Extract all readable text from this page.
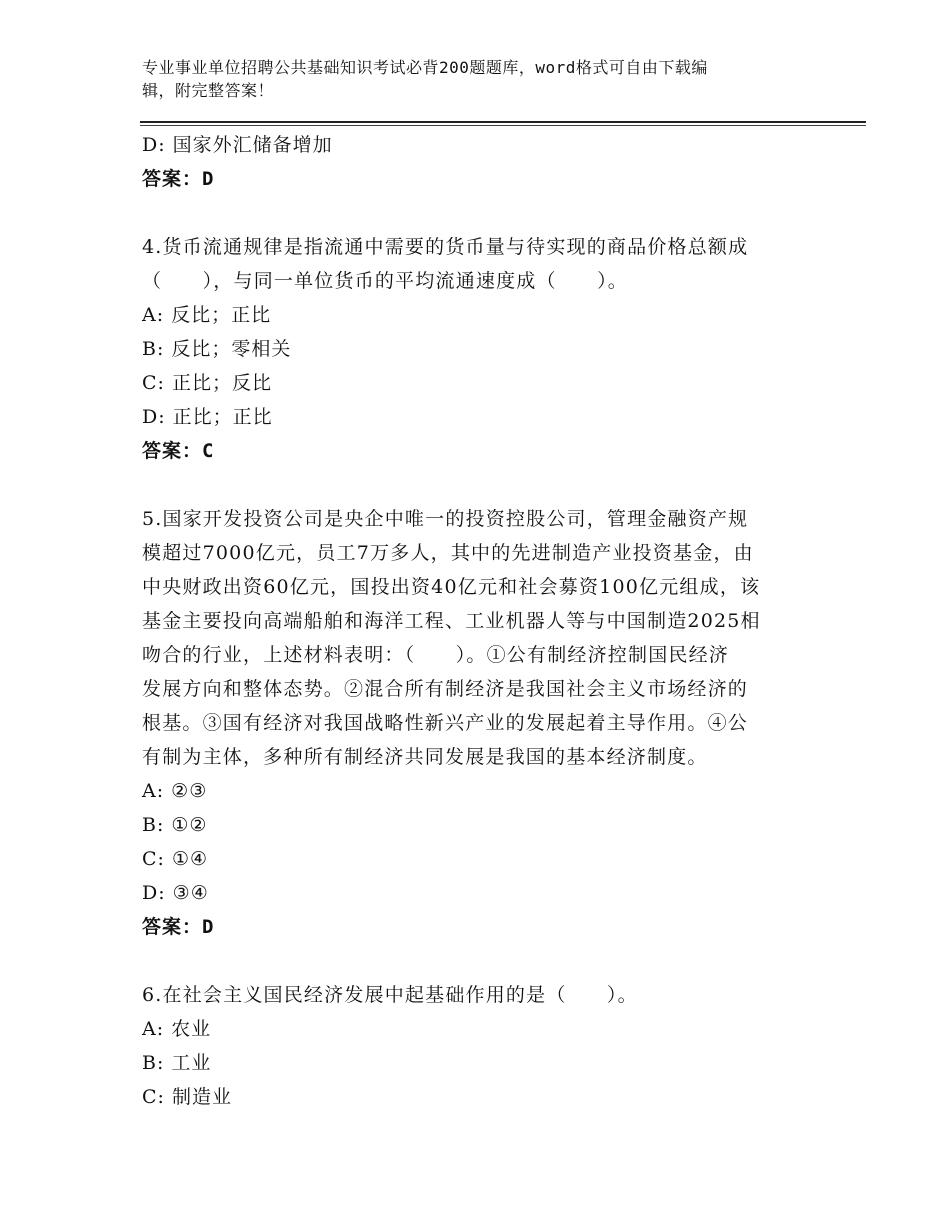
专业事业单位招聘公共基础知识考试必背200题题库，word格式可自由下载编
辑，附完整答案！
D: 国家外汇储备增加
答案：D
4.货币流通规律是指流通中需要的货币量与待实现的商品价格总额成
（　　），与同一单位货币的平均流通速度成（　　）。
A: 反比；正比
B: 反比；零相关
C: 正比；反比
D: 正比；正比
答案：C
5.国家开发投资公司是央企中唯一的投资控股公司，管理金融资产规
模超过7000亿元，员工7万多人，其中的先进制造产业投资基金，由
中央财政出资60亿元，国投出资40亿元和社会募资100亿元组成，该
基金主要投向高端船舶和海洋工程、工业机器人等与中国制造2025相
吻合的行业，上述材料表明：（　　）。①公有制经济控制国民经济
发展方向和整体态势。②混合所有制经济是我国社会主义市场经济的
根基。③国有经济对我国战略性新兴产业的发展起着主导作用。④公
有制为主体，多种所有制经济共同发展是我国的基本经济制度。
A: ②③
B: ①②
C: ①④
D: ③④
答案：D
6.在社会主义国民经济发展中起基础作用的是（　　）。
A: 农业
B: 工业
C: 制造业
